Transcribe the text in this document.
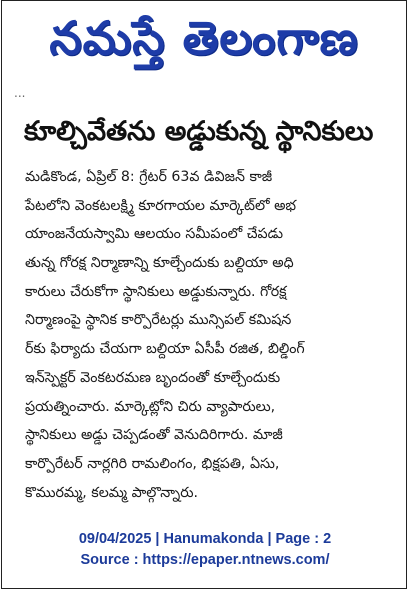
నమస్తే తెలంగాణ
...
కూల్చివేతను అడ్డుకున్న స్థానికులు
మడికొండ, ఏప్రిల్ 8: గ్రేటర్ 63వ డివిజన్ కాజీ
పేటలోని వెంకటలక్ష్మి కూరగాయల మార్కెట్‌లో అభ
యాంజనేయస్వామి ఆలయం సమీపంలో చేపడు
తున్న గోరక్ష నిర్మాణాన్ని కూల్చేందుకు బల్దియా అధి
కారులు చేరుకోగా స్థానికులు అడ్డుకున్నారు. గోరక్ష
నిర్మాణంపై స్థానిక కార్పొరేటర్లు మున్సిపల్ కమిషన
ర్‌కు ఫిర్యాదు చేయగా బల్దియా ఏసీపీ రజిత, బిల్డింగ్
ఇన్‌స్పెక్టర్ వెంకటరమణ బృందంతో కూల్చేందుకు
ప్రయత్నించారు. మార్కెట్లోని చిరు వ్యాపారులు,
స్థానికులు అడ్డు చెప్పడంతో వెనుదిరిగారు. మాజీ
కార్పొరేటర్ నార్లగిరి రామలింగం, భిక్షపతి, ఏసు,
కొమురమ్మ, కలమ్మ పాల్గొన్నారు.
09/04/2025 | Hanumakonda | Page : 2
Source : https://epaper.ntnews.com/
